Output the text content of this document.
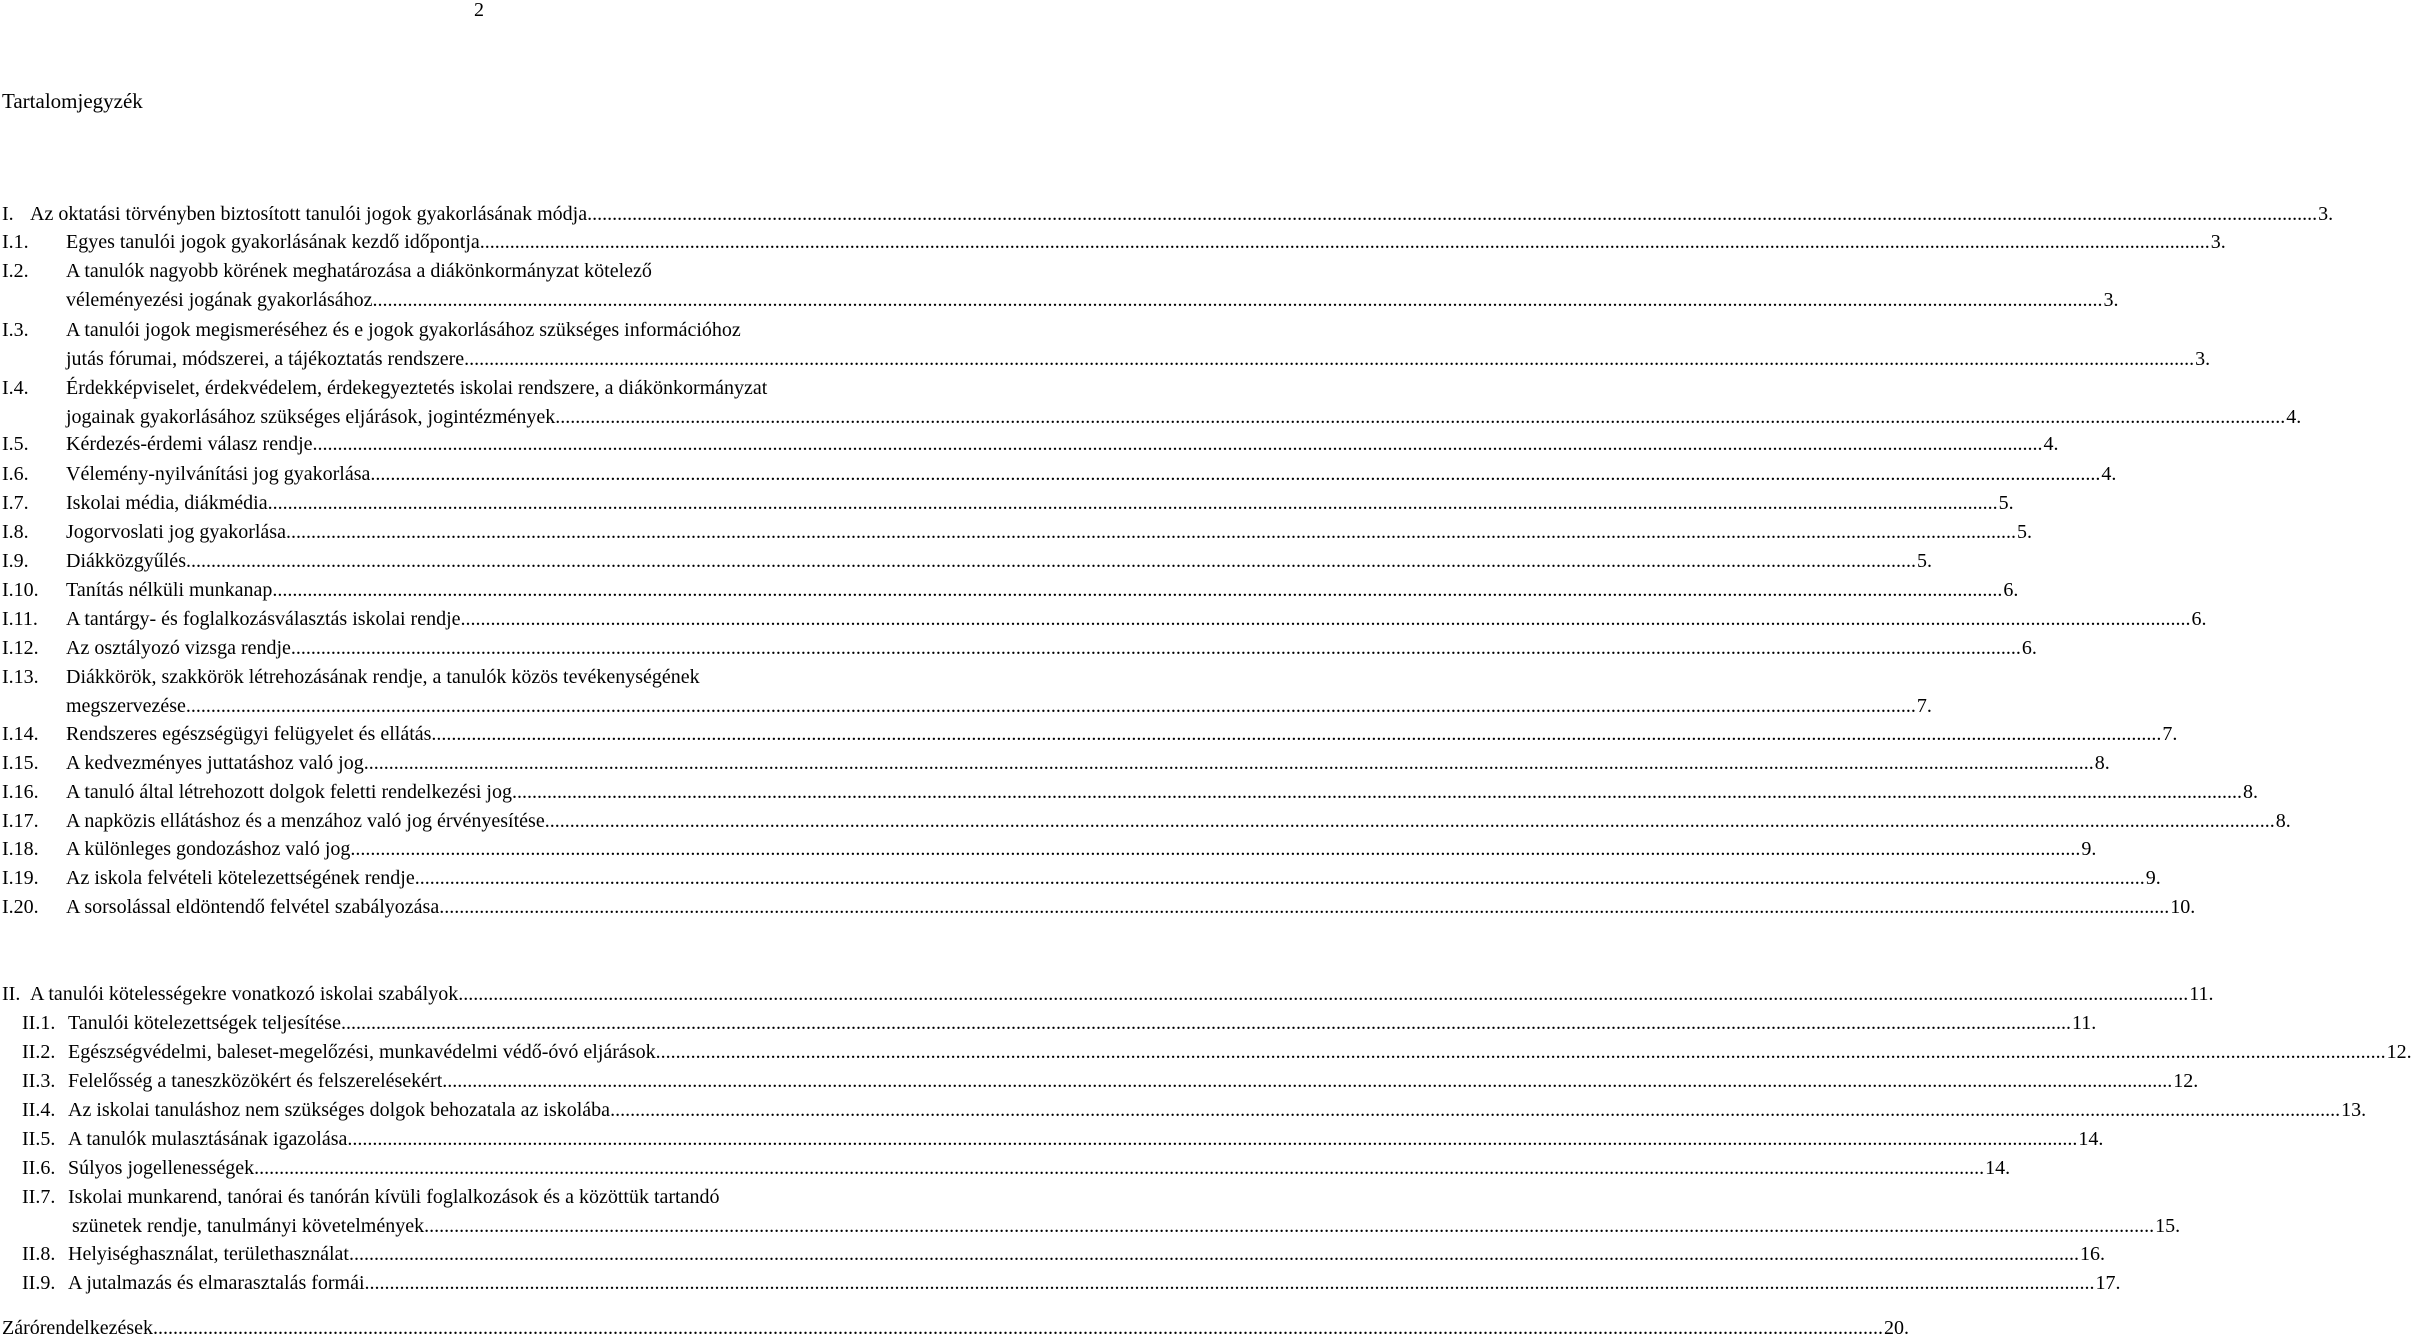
2
Tartalomjegyzék
I. Az oktatási törvényben biztosított tanulói jogok gyakorlásának módja .....	3.
I.1. Egyes tanulói jogok gyakorlásának kezdő időpontja .....	3.
I.2. A tanulók nagyobb körének meghatározása a diákönkormányzat kötelező
véleményezési jogának gyakorlásához .....	3.
I.3. A tanulói jogok megismeréséhez és e jogok gyakorlásához szükséges információhoz
jutás fórumai, módszerei, a tájékoztatás rendszere .....	3.
I.4. Érdekképviselet, érdekvédelem, érdekegyeztetés iskolai rendszere, a diákönkormányzat
jogainak gyakorlásához szükséges eljárások, jogintézmények .....	4.
I.5. Kérdezés-érdemi válasz rendje .....	4.
I.6. Vélemény-nyilvánítási jog gyakorlása .....	4.
I.7. Iskolai média, diákmédia .....	5.
I.8. Jogorvoslati jog gyakorlása .....	5.
I.9. Diákközgyűlés .....	5.
I.10. Tanítás nélküli munkanap .....	6.
I.11. A tantárgy- és foglalkozásválasztás iskolai rendje .....	6.
I.12. Az osztályozó vizsga rendje .....	6.
I.13. Diákkörök, szakkörök létrehozásának rendje, a tanulók közös tevékenységének
megszervezése .....	7.
I.14. Rendszeres egészségügyi felügyelet és ellátás .....	7.
I.15. A kedvezményes juttatáshoz való jog .....	8.
I.16. A tanuló által létrehozott dolgok feletti rendelkezési jog .....	8.
I.17. A napközis ellátáshoz és a menzához való jog érvényesítése .....	8.
I.18. A különleges gondozáshoz való jog .....	9.
I.19. Az iskola felvételi kötelezettségének rendje .....	9.
I.20. A sorsolással eldöntendő felvétel szabályozása .....	10.
II. A tanulói kötelességekre vonatkozó iskolai szabályok .....	11.
II.1. Tanulói kötelezettségek teljesítése .....	11.
II.2. Egészségvédelmi, baleset-megelőzési, munkavédelmi védő-óvó eljárások .....	12.
II.3. Felelősség a taneszközökért és felszerelésekért .....	12.
II.4. Az iskolai tanuláshoz nem szükséges dolgok behozatala az iskolába .....	13.
II.5. A tanulók mulasztásának igazolása .....	14.
II.6. Súlyos jogellenességek .....	14.
II.7. Iskolai munkarend, tanórai és tanórán kívüli foglalkozások és a közöttük tartandó
szünetek rendje, tanulmányi követelmények .....	15.
II.8. Helyiséghasználat, területhasználat .....	16.
II.9. A jutalmazás és elmarasztalás formái .....	17.
Zárórendelkezések .....	20.
